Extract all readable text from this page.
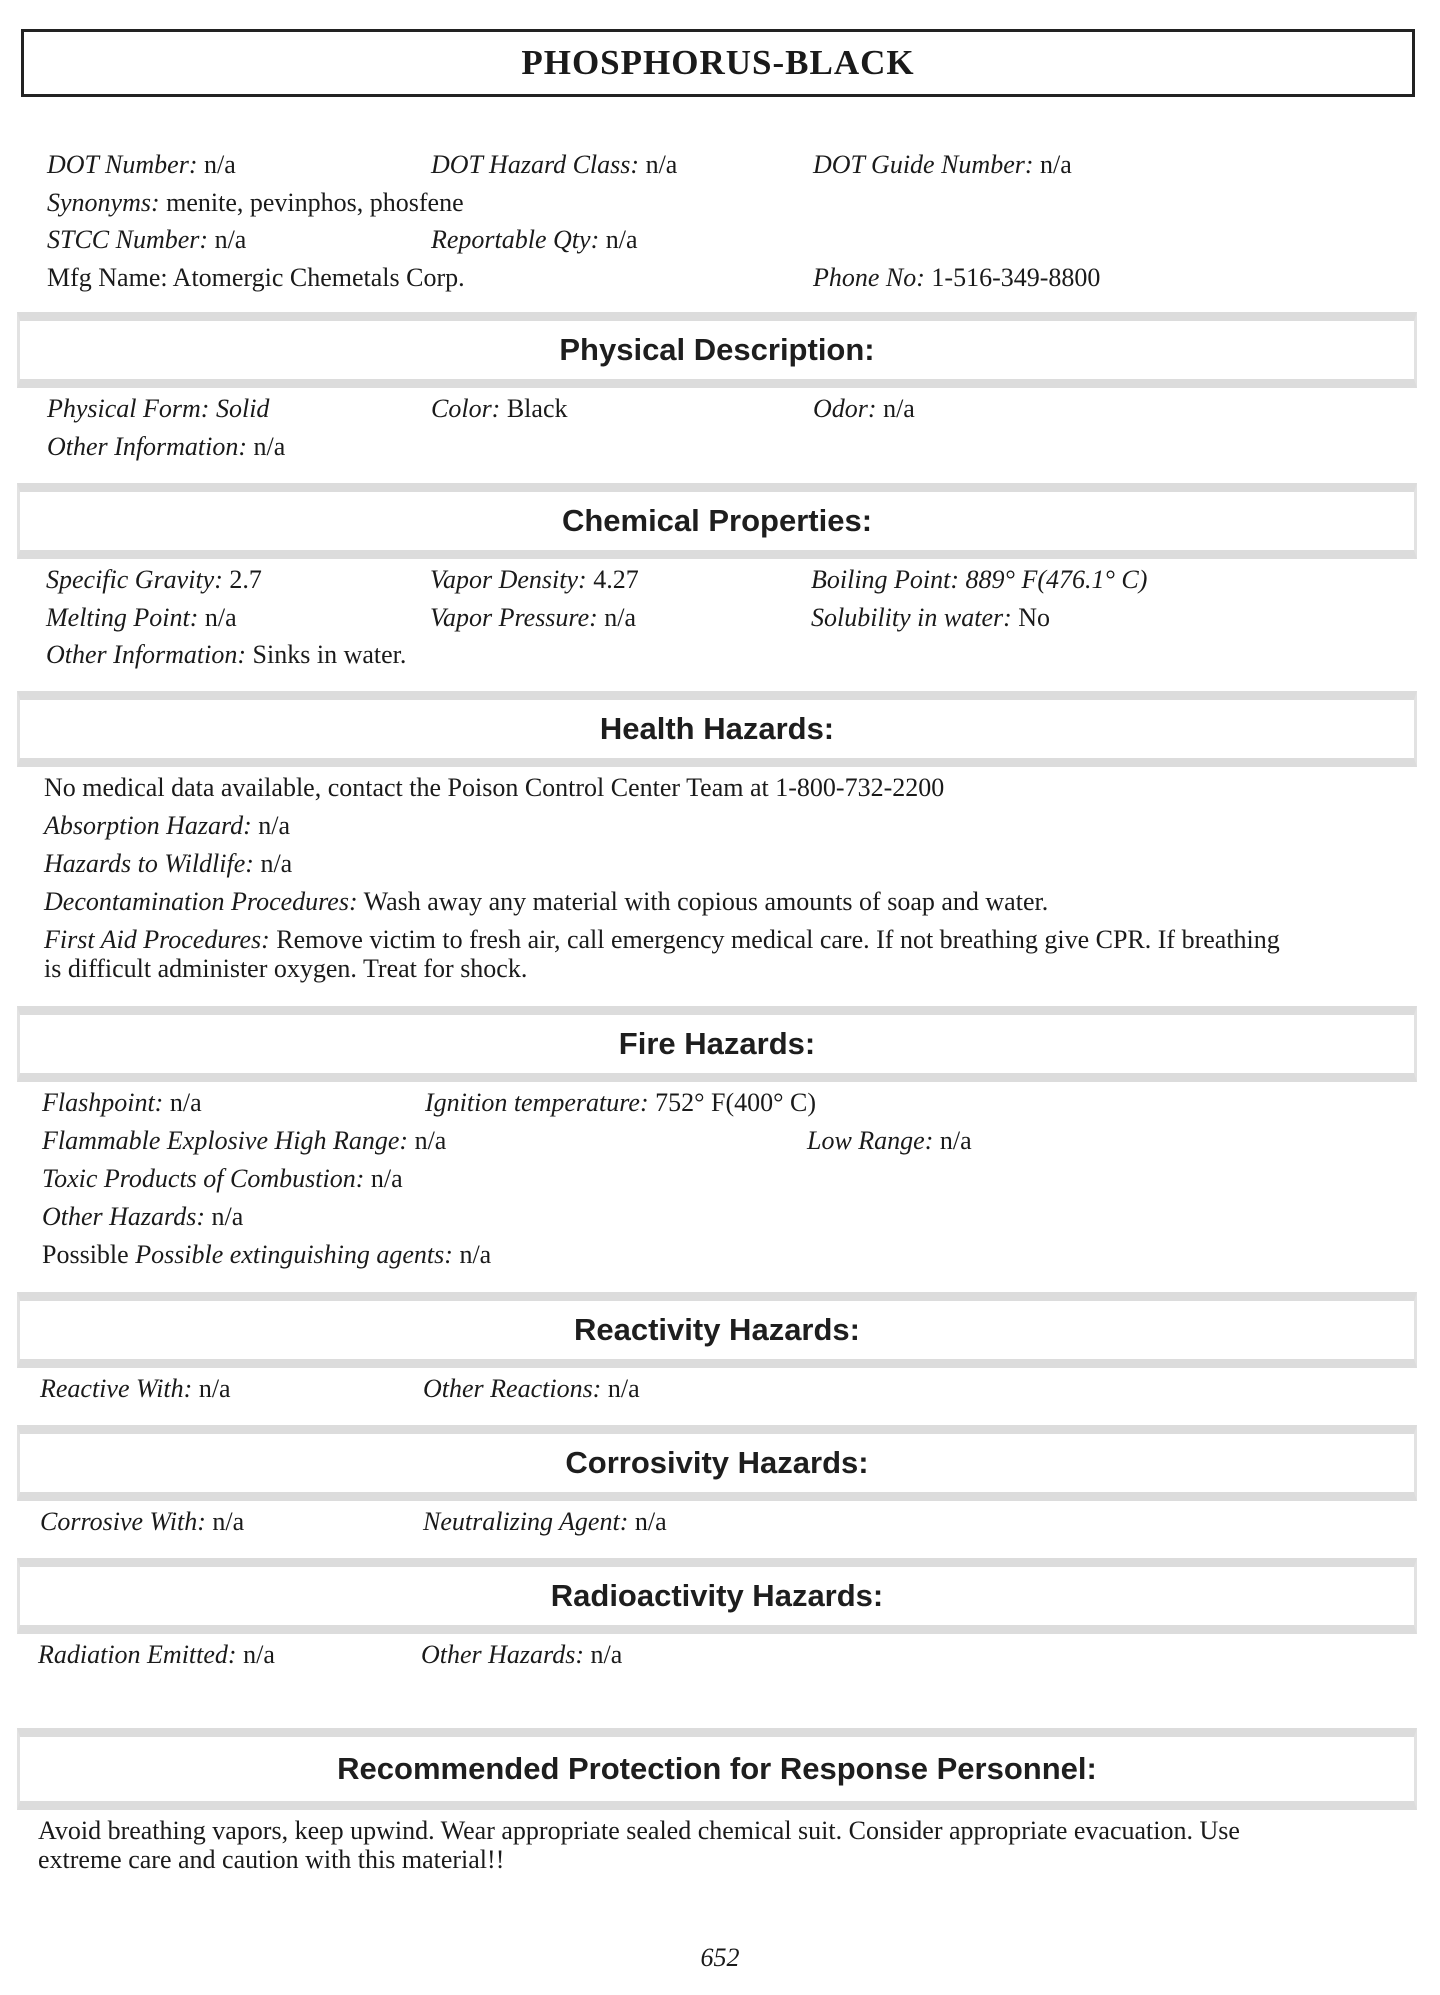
PHOSPHORUS-BLACK
DOT Number: n/a	DOT Hazard Class: n/a	DOT Guide Number: n/a
Synonyms: menite, pevinphos, phosfene
STCC Number: n/a	Reportable Qty: n/a
Mfg Name: Atomergic Chemetals Corp.	Phone No: 1-516-349-8800
Physical Description:
Physical Form: Solid	Color: Black	Odor: n/a
Other Information: n/a
Chemical Properties:
Specific Gravity: 2.7	Vapor Density: 4.27	Boiling Point: 889° F(476.1° C)
Melting Point: n/a	Vapor Pressure: n/a	Solubility in water: No
Other Information: Sinks in water.
Health Hazards:
No medical data available, contact the Poison Control Center Team at 1-800-732-2200
Absorption Hazard: n/a
Hazards to Wildlife: n/a
Decontamination Procedures: Wash away any material with copious amounts of soap and water.
First Aid Procedures: Remove victim to fresh air, call emergency medical care. If not breathing give CPR. If breathing
is difficult administer oxygen. Treat for shock.
Fire Hazards:
Flashpoint: n/a	Ignition temperature: 752° F(400° C)
Flammable Explosive High Range: n/a	Low Range: n/a
Toxic Products of Combustion: n/a
Other Hazards: n/a
Possible Possible extinguishing agents: n/a
Reactivity Hazards:
Reactive With: n/a	Other Reactions: n/a
Corrosivity Hazards:
Corrosive With: n/a	Neutralizing Agent: n/a
Radioactivity Hazards:
Radiation Emitted: n/a	Other Hazards: n/a
Recommended Protection for Response Personnel:
Avoid breathing vapors, keep upwind. Wear appropriate sealed chemical suit. Consider appropriate evacuation. Use
extreme care and caution with this material!!
652
